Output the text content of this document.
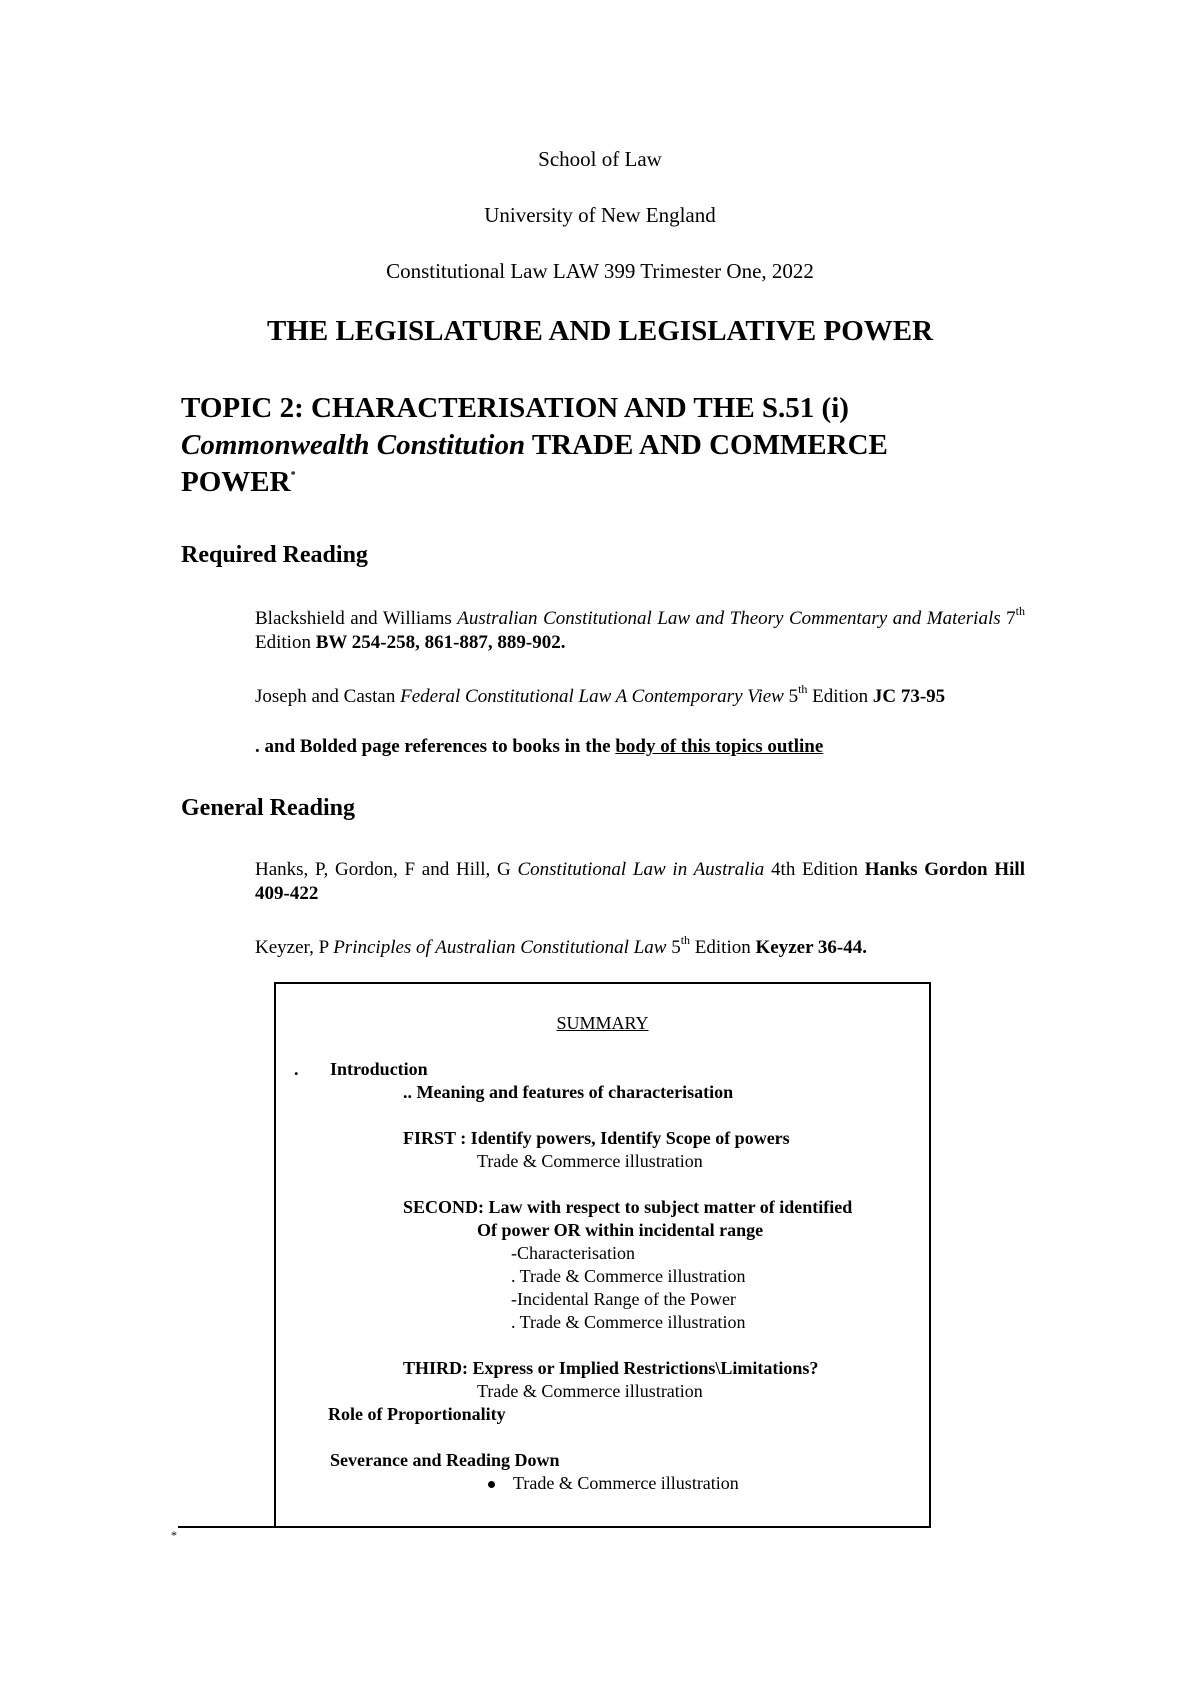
School of Law
University of New England
Constitutional Law LAW 399 Trimester One, 2022
THE LEGISLATURE AND LEGISLATIVE POWER
TOPIC 2: CHARACTERISATION AND THE S.51 (i)
Commonwealth Constitution TRADE AND COMMERCE
POWER*
Required Reading
Blackshield and Williams Australian Constitutional Law and Theory Commentary and Materials 7th Edition BW 254-258, 861-887, 889-902.
Joseph and Castan Federal Constitutional Law A Contemporary View 5th Edition JC 73-95
. and Bolded page references to books in the body of this topics outline
General Reading
Hanks, P, Gordon, F and Hill, G Constitutional Law in Australia 4th Edition Hanks Gordon Hill 409-422
Keyzer, P Principles of Australian Constitutional Law 5th Edition Keyzer 36-44.
SUMMARY
. Introduction
.. Meaning and features of characterisation
FIRST : Identify powers, Identify Scope of powers
Trade & Commerce illustration
SECOND: Law with respect to subject matter of identified
Of power OR within incidental range
-Characterisation
. Trade & Commerce illustration
-Incidental Range of the Power
. Trade & Commerce illustration
THIRD: Express or Implied Restrictions\Limitations?
Trade & Commerce illustration
Role of Proportionality
Severance and Reading Down
Trade & Commerce illustration
*
